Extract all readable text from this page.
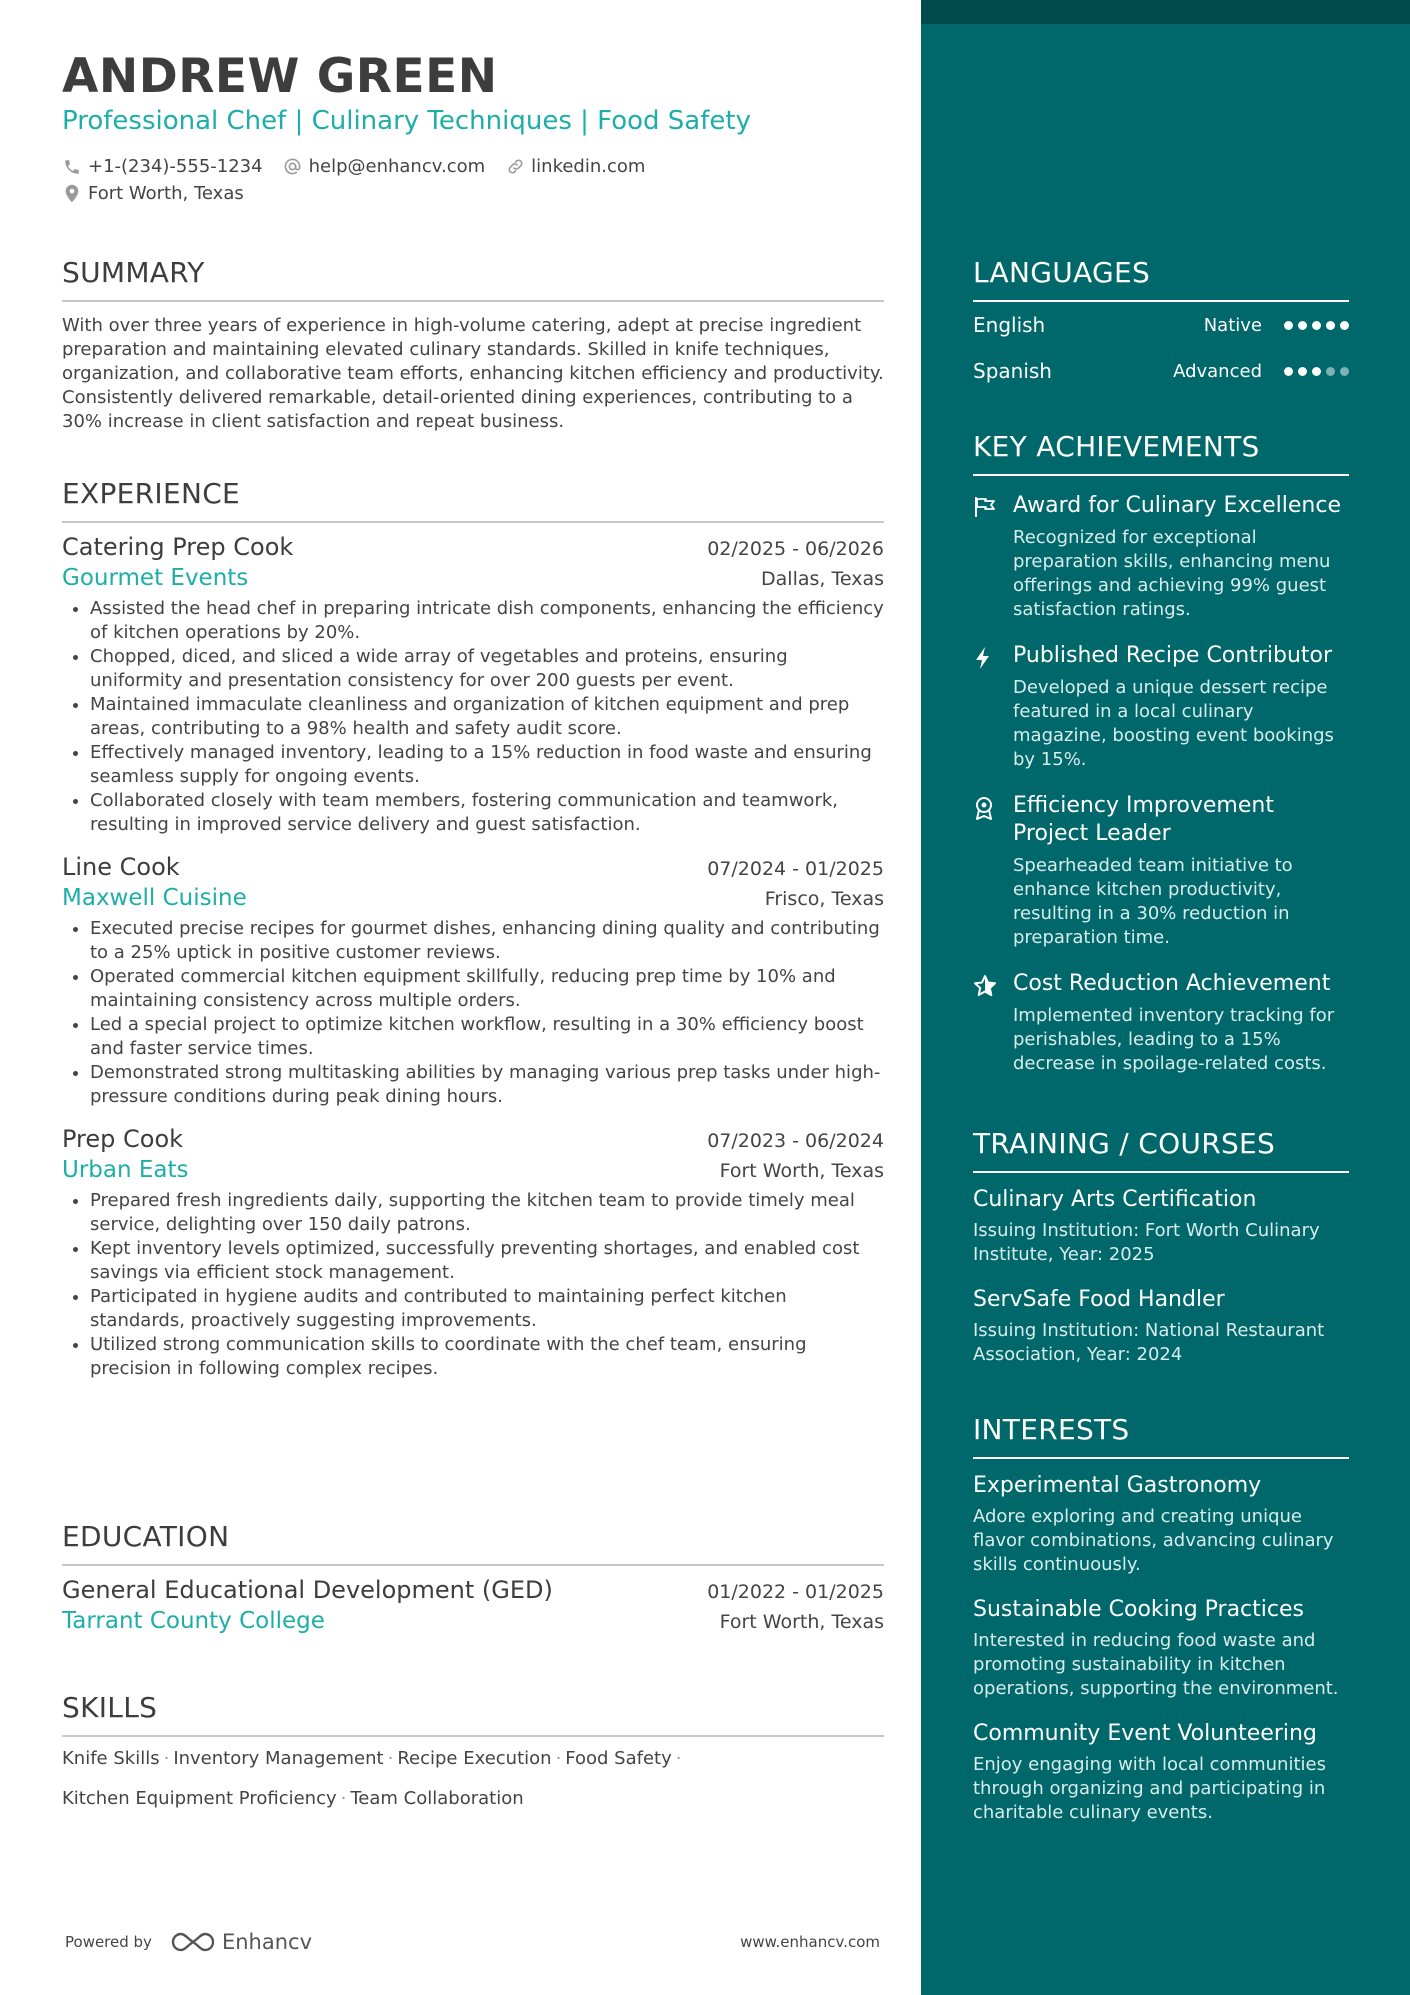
ANDREW GREEN
Professional Chef | Culinary Techniques | Food Safety
+1-(234)-555-1234	help@enhancv.com	linkedin.com
Fort Worth, Texas
SUMMARY
With over three years of experience in high-volume catering, adept at precise ingredient preparation and maintaining elevated culinary standards. Skilled in knife techniques, organization, and collaborative team efforts, enhancing kitchen efficiency and productivity. Consistently delivered remarkable, detail-oriented dining experiences, contributing to a 30% increase in client satisfaction and repeat business.
EXPERIENCE
Catering Prep Cook	02/2025 - 06/2026
Gourmet Events	Dallas, Texas
• Assisted the head chef in preparing intricate dish components, enhancing the efficiency of kitchen operations by 20%.
• Chopped, diced, and sliced a wide array of vegetables and proteins, ensuring uniformity and presentation consistency for over 200 guests per event.
• Maintained immaculate cleanliness and organization of kitchen equipment and prep areas, contributing to a 98% health and safety audit score.
• Effectively managed inventory, leading to a 15% reduction in food waste and ensuring seamless supply for ongoing events.
• Collaborated closely with team members, fostering communication and teamwork, resulting in improved service delivery and guest satisfaction.
Line Cook	07/2024 - 01/2025
Maxwell Cuisine	Frisco, Texas
• Executed precise recipes for gourmet dishes, enhancing dining quality and contributing to a 25% uptick in positive customer reviews.
• Operated commercial kitchen equipment skillfully, reducing prep time by 10% and maintaining consistency across multiple orders.
• Led a special project to optimize kitchen workflow, resulting in a 30% efficiency boost and faster service times.
• Demonstrated strong multitasking abilities by managing various prep tasks under high-pressure conditions during peak dining hours.
Prep Cook	07/2023 - 06/2024
Urban Eats	Fort Worth, Texas
• Prepared fresh ingredients daily, supporting the kitchen team to provide timely meal service, delighting over 150 daily patrons.
• Kept inventory levels optimized, successfully preventing shortages, and enabled cost savings via efficient stock management.
• Participated in hygiene audits and contributed to maintaining perfect kitchen standards, proactively suggesting improvements.
• Utilized strong communication skills to coordinate with the chef team, ensuring precision in following complex recipes.
EDUCATION
General Educational Development (GED)	01/2022 - 01/2025
Tarrant County College	Fort Worth, Texas
SKILLS
Knife Skills · Inventory Management · Recipe Execution · Food Safety ·
Kitchen Equipment Proficiency · Team Collaboration
Powered by	Enhancv	www.enhancv.com
LANGUAGES
English	Native
Spanish	Advanced
KEY ACHIEVEMENTS
Award for Culinary Excellence
Recognized for exceptional preparation skills, enhancing menu offerings and achieving 99% guest satisfaction ratings.
Published Recipe Contributor
Developed a unique dessert recipe featured in a local culinary magazine, boosting event bookings by 15%.
Efficiency Improvement Project Leader
Spearheaded team initiative to enhance kitchen productivity, resulting in a 30% reduction in preparation time.
Cost Reduction Achievement
Implemented inventory tracking for perishables, leading to a 15% decrease in spoilage-related costs.
TRAINING / COURSES
Culinary Arts Certification
Issuing Institution: Fort Worth Culinary Institute, Year: 2025
ServSafe Food Handler
Issuing Institution: National Restaurant Association, Year: 2024
INTERESTS
Experimental Gastronomy
Adore exploring and creating unique flavor combinations, advancing culinary skills continuously.
Sustainable Cooking Practices
Interested in reducing food waste and promoting sustainability in kitchen operations, supporting the environment.
Community Event Volunteering
Enjoy engaging with local communities through organizing and participating in charitable culinary events.
